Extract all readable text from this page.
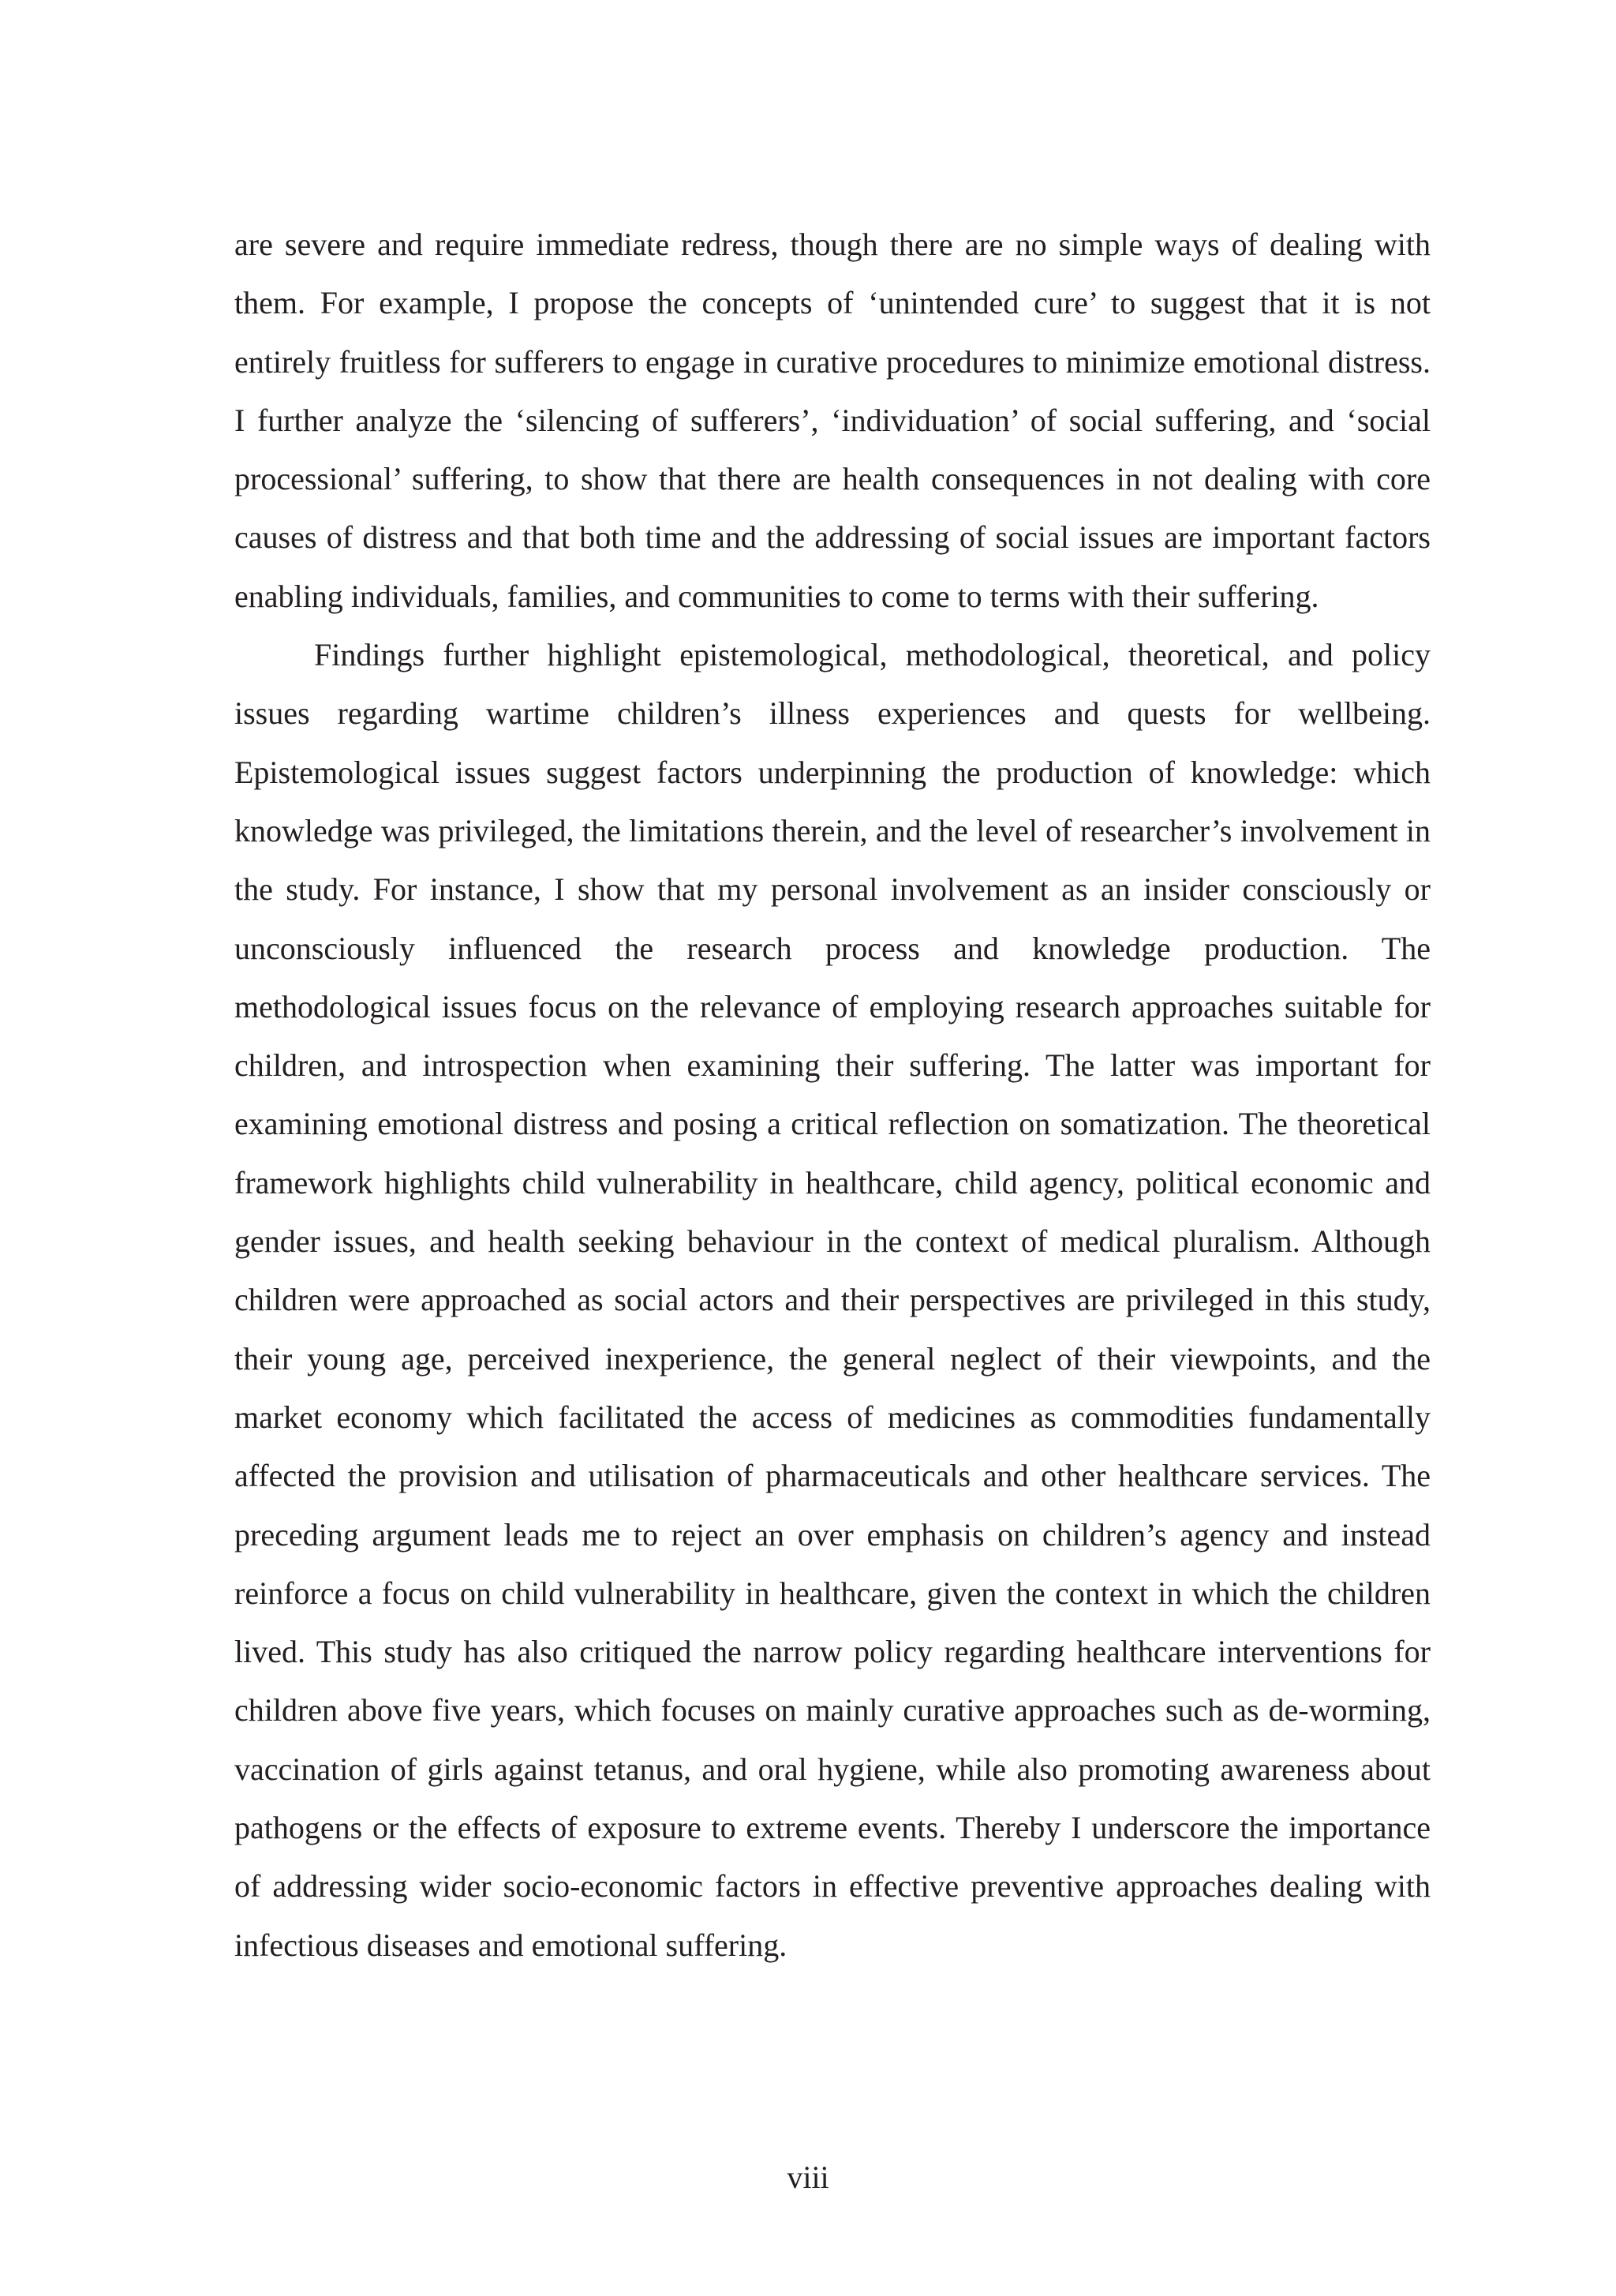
are severe and require immediate redress, though there are no simple ways of dealing with them. For example, I propose the concepts of ‘unintended cure’ to suggest that it is not entirely fruitless for sufferers to engage in curative procedures to minimize emotional distress. I further analyze the ‘silencing of sufferers’, ‘individuation’ of social suffering, and ‘social processional’ suffering, to show that there are health consequences in not dealing with core causes of distress and that both time and the addressing of social issues are important factors enabling individuals, families, and communities to come to terms with their suffering.

Findings further highlight epistemological, methodological, theoretical, and policy issues regarding wartime children’s illness experiences and quests for wellbeing. Epistemological issues suggest factors underpinning the production of knowledge: which knowledge was privileged, the limitations therein, and the level of researcher’s involvement in the study. For instance, I show that my personal involvement as an insider consciously or unconsciously influenced the research process and knowledge production. The methodological issues focus on the relevance of employing research approaches suitable for children, and introspection when examining their suffering. The latter was important for examining emotional distress and posing a critical reflection on somatization. The theoretical framework highlights child vulnerability in healthcare, child agency, political economic and gender issues, and health seeking behaviour in the context of medical pluralism. Although children were approached as social actors and their perspectives are privileged in this study, their young age, perceived inexperience, the general neglect of their viewpoints, and the market economy which facilitated the access of medicines as commodities fundamentally affected the provision and utilisation of pharmaceuticals and other healthcare services. The preceding argument leads me to reject an over emphasis on children’s agency and instead reinforce a focus on child vulnerability in healthcare, given the context in which the children lived. This study has also critiqued the narrow policy regarding healthcare interventions for children above five years, which focuses on mainly curative approaches such as de-worming, vaccination of girls against tetanus, and oral hygiene, while also promoting awareness about pathogens or the effects of exposure to extreme events. Thereby I underscore the importance of addressing wider socio-economic factors in effective preventive approaches dealing with infectious diseases and emotional suffering.

viii
